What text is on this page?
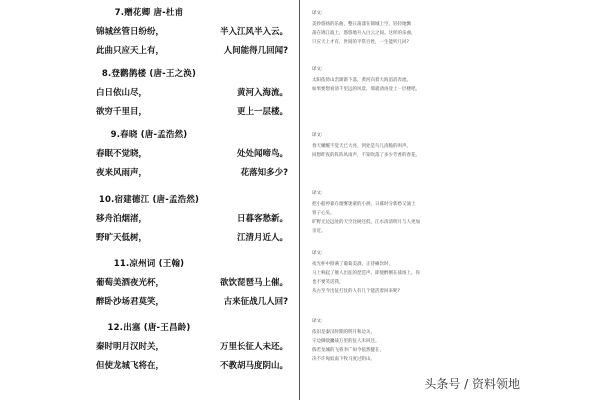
7.赠花卿 唐-杜甫
锦城丝管日纷纷，	半入江风半入云。
此曲只应天上有，	人间能得几回闻?
8.登鹳鹊楼 (唐-王之涣)
白日依山尽，	黄河入海流。
欲穷千里目，	更上一层楼。
9.春晓 (唐-孟浩然)
春眠不觉晓，	处处闻啼鸟。
夜来风雨声，	花落知多少?
10.宿建德江 (唐-孟浩然)
移舟泊烟渚，	日暮客愁新。
野旷天低树，	江清月近人。
11.凉州词 (王翰)
葡萄美酒夜光杯，	欲饮琵琶马上催。
醉卧沙场君莫笑，	古来征战几人回?
12.出塞 (唐-王昌龄)
秦时明月汉时关，	万里长征人未还。
但使龙城飞将在，	不教胡马度阴山。
译文:
美妙悠扬的乐曲，整日荡漾在锦城上空，轻轻地飘
荡在锦江波上，悠悠地升入白云之间。这样的乐曲，
只应天上才有，世间的平常百姓，一生能听几回?
译文:
太阳依傍山峦渐渐下落，黄河向着大海滔滔奔流。
如果要想看清千里远的风景，那就请再登上一层楼吧。
译文:
春天睡醒不觉天已大亮，到处是鸟儿清脆的叫声。
回想昨夜的阵阵风雨声，不知吹落了多少芳香的春花。
译文:
把小船停靠在烟雾迷蒙的小洲，日暮时分新愁又涌上
客子心头。
旷野无边远处的天空比树还低，江水清清明月与人更加
亲近。
译文:
夜光杯中斟满了葡萄美酒，正待痛饮时，
马上响起了催人出征的琵琶声。即使醉倒在战场上，你
也不要笑话我，
从古至今出征打仗的人有几个能活着回来呢?
译文:
依旧是秦汉时期的明月和边关，
守边御敌鏖战万里的征人未回还。
倘若龙城的飞将李广如今依然健在，
决不许匈奴南下牧马度过阴山。
头条号 / 资料领地
